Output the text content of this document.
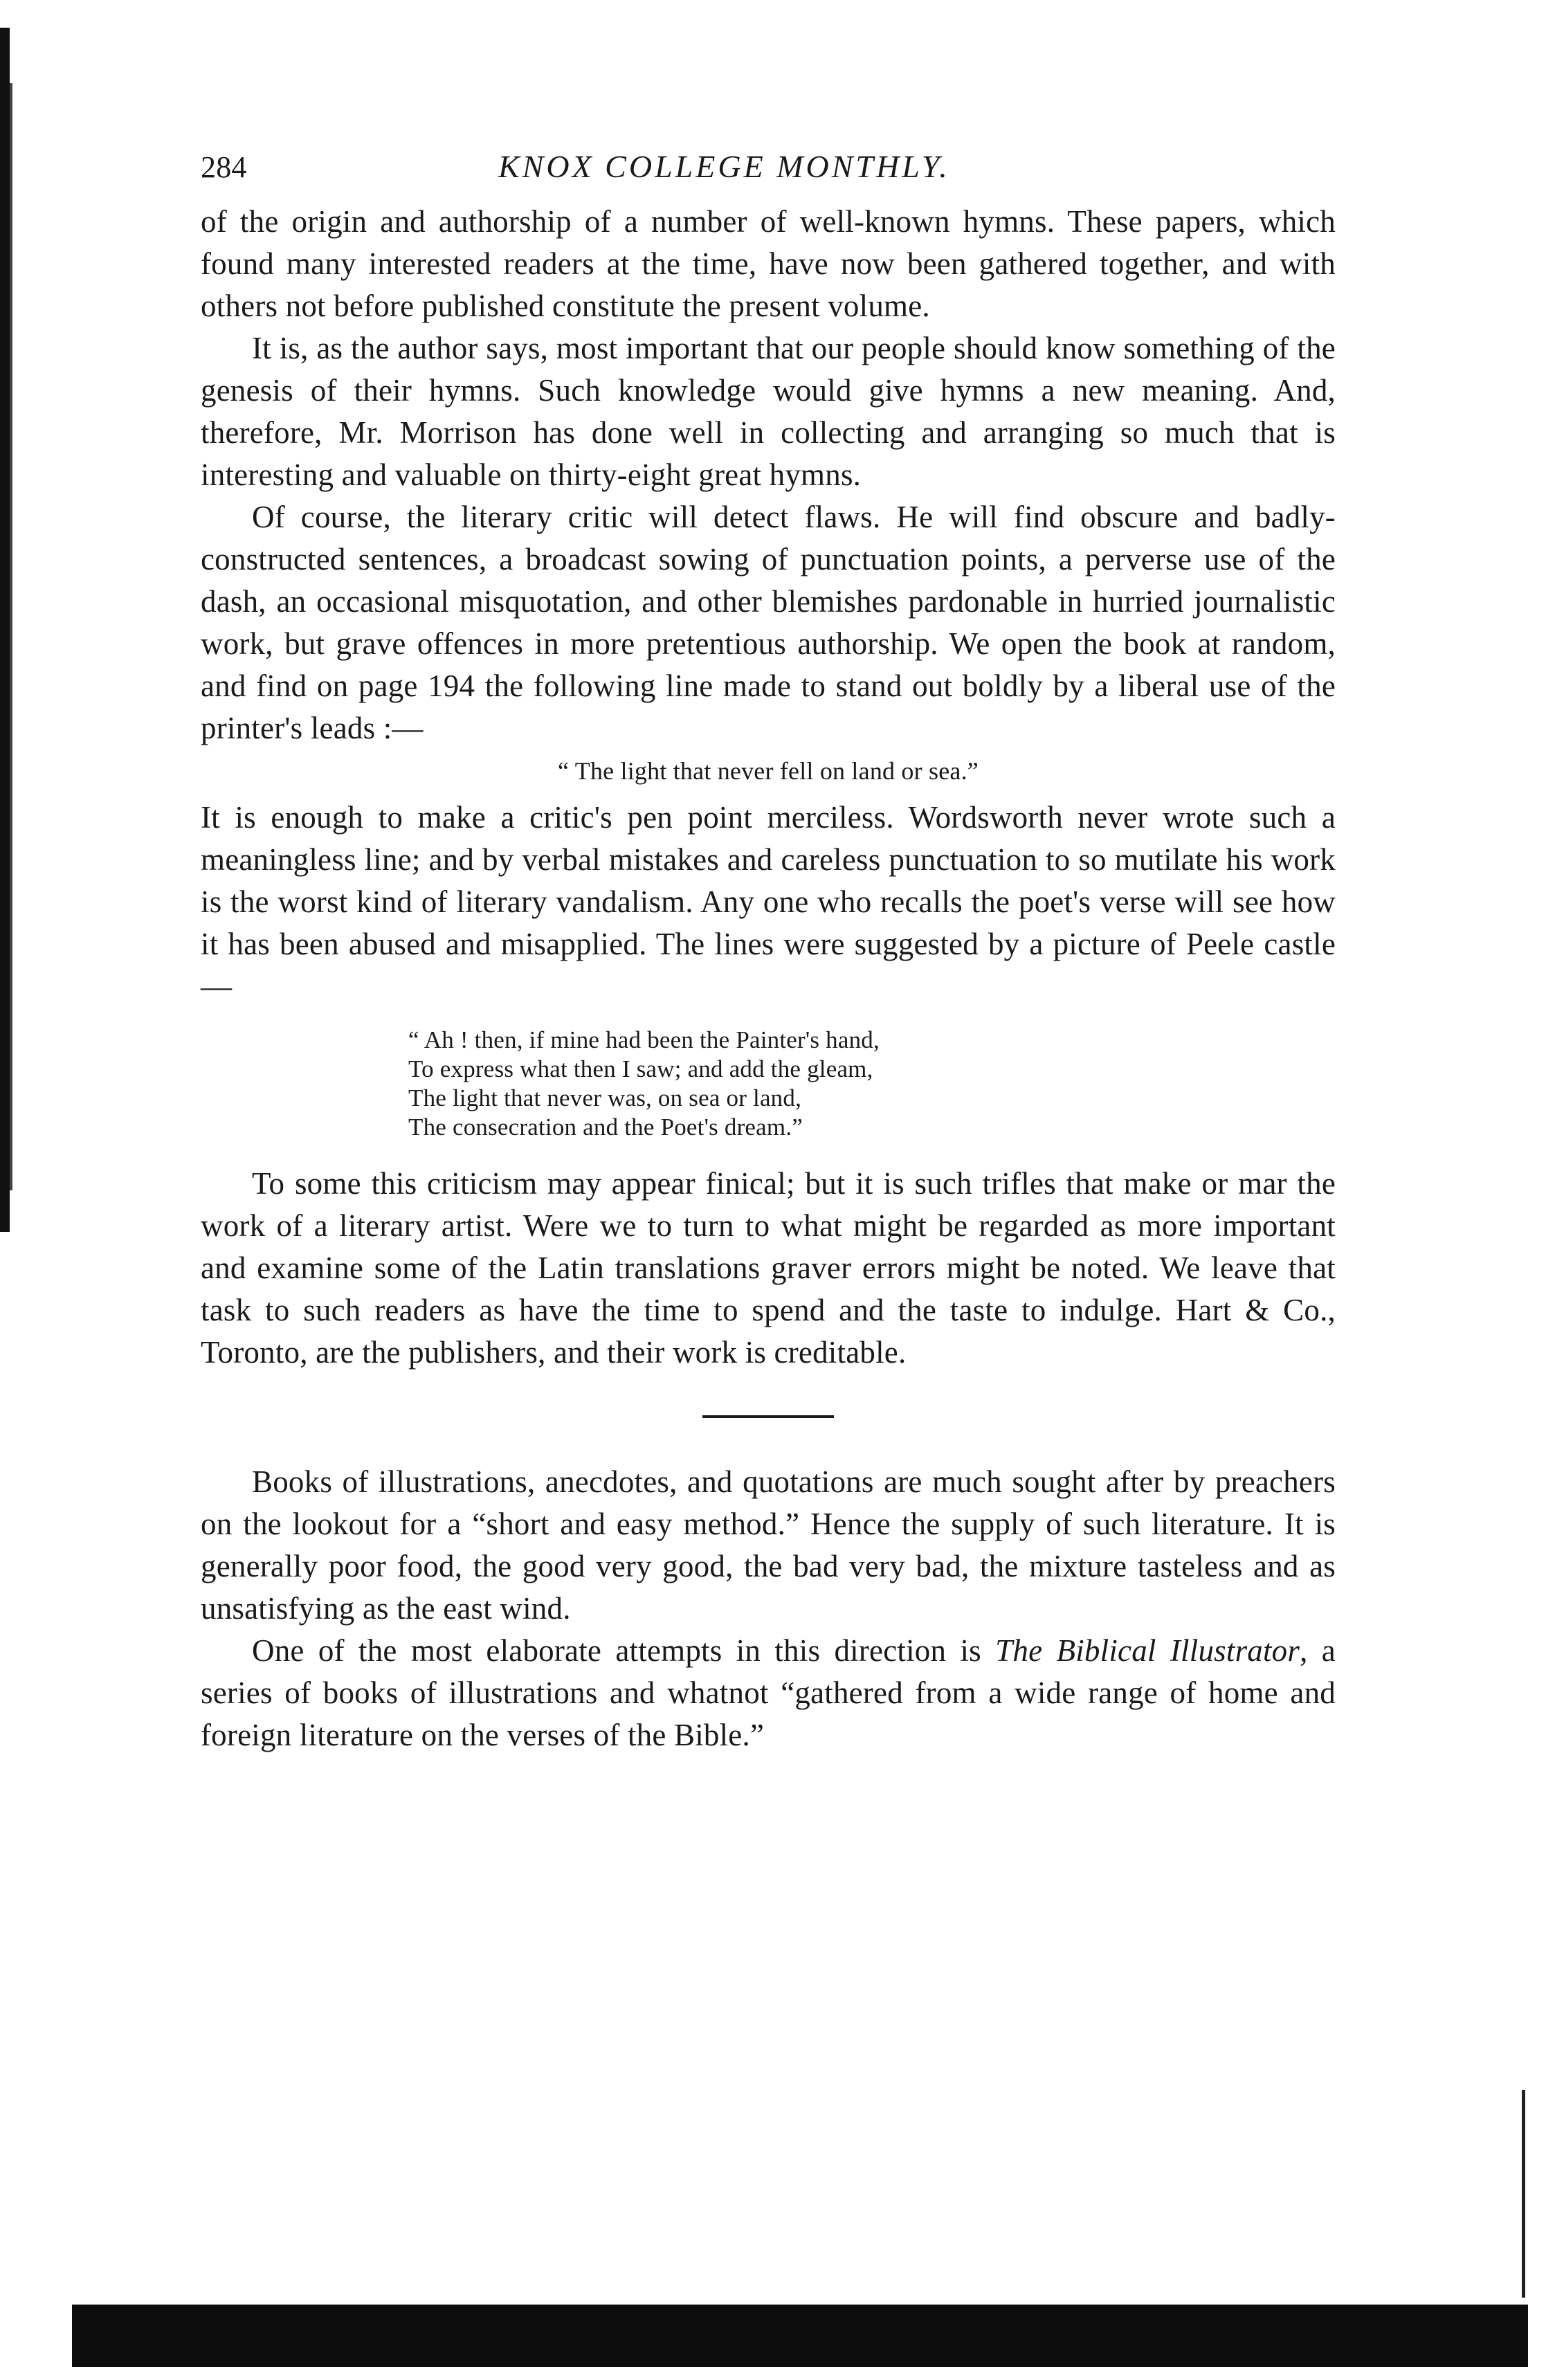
284	KNOX COLLEGE MONTHLY.

of the origin and authorship of a number of well-known hymns. These papers, which found many interested readers at the time, have now been gathered together, and with others not before published constitute the present volume.

It is, as the author says, most important that our people should know something of the genesis of their hymns. Such knowledge would give hymns a new meaning. And, therefore, Mr. Morrison has done well in collecting and arranging so much that is interesting and valuable on thirty-eight great hymns.

Of course, the literary critic will detect flaws. He will find obscure and badly-constructed sentences, a broadcast sowing of punctuation points, a perverse use of the dash, an occasional misquotation, and other blemishes pardonable in hurried journalistic work, but grave offences in more pretentious authorship. We open the book at random, and find on page 194 the following line made to stand out boldly by a liberal use of the printer's leads :—

“ The light that never fell on land or sea.”

It is enough to make a critic's pen point merciless. Wordsworth never wrote such a meaningless line; and by verbal mistakes and careless punctuation to so mutilate his work is the worst kind of literary vandalism. Any one who recalls the poet's verse will see how it has been abused and misapplied. The lines were suggested by a picture of Peele castle—

“ Ah ! then, if mine had been the Painter's hand,
To express what then I saw; and add the gleam,
The light that never was, on sea or land,
The consecration and the Poet's dream.”

To some this criticism may appear finical; but it is such trifles that make or mar the work of a literary artist. Were we to turn to what might be regarded as more important and examine some of the Latin translations graver errors might be noted. We leave that task to such readers as have the time to spend and the taste to indulge. Hart & Co., Toronto, are the publishers, and their work is creditable.

Books of illustrations, anecdotes, and quotations are much sought after by preachers on the lookout for a “short and easy method.” Hence the supply of such literature. It is generally poor food, the good very good, the bad very bad, the mixture tasteless and as unsatisfying as the east wind.

One of the most elaborate attempts in this direction is The Biblical Illustrator, a series of books of illustrations and whatnot “gathered from a wide range of home and foreign literature on the verses of the Bible.”
